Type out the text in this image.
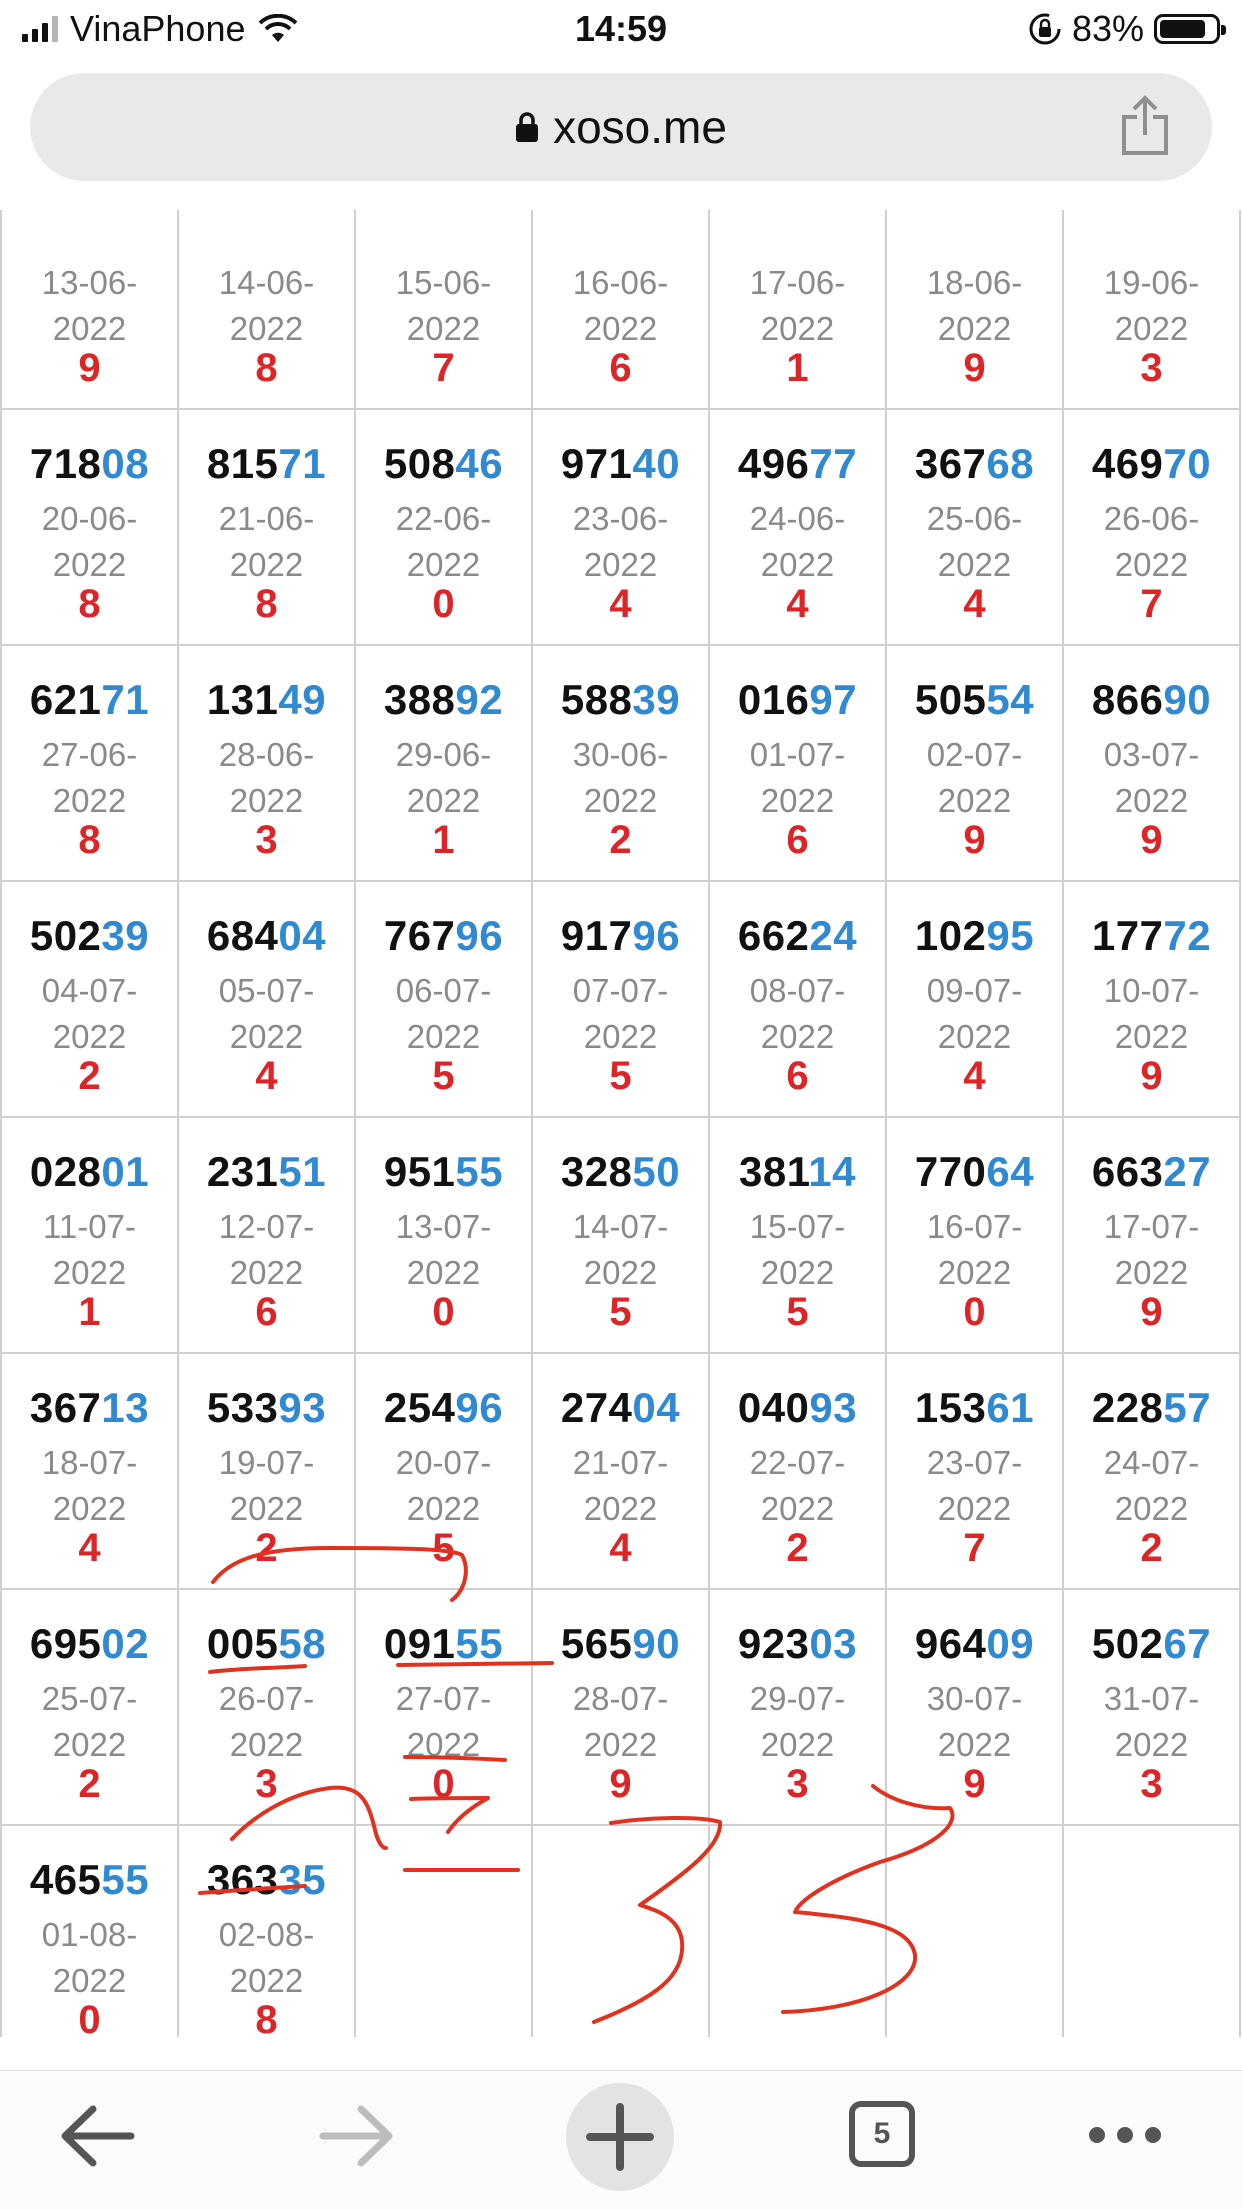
VinaPhone	14:59	83%
xoso.me
13-06-
2022
9
14-06-
2022
8
15-06-
2022
7
16-06-
2022
6
17-06-
2022
1
18-06-
2022
9
19-06-
2022
3
71808
20-06-
2022
8
81571
21-06-
2022
8
50846
22-06-
2022
0
97140
23-06-
2022
4
49677
24-06-
2022
4
36768
25-06-
2022
4
46970
26-06-
2022
7
62171
27-06-
2022
8
13149
28-06-
2022
3
38892
29-06-
2022
1
58839
30-06-
2022
2
01697
01-07-
2022
6
50554
02-07-
2022
9
86690
03-07-
2022
9
50239
04-07-
2022
2
68404
05-07-
2022
4
76796
06-07-
2022
5
91796
07-07-
2022
5
66224
08-07-
2022
6
10295
09-07-
2022
4
17772
10-07-
2022
9
02801
11-07-
2022
1
23151
12-07-
2022
6
95155
13-07-
2022
0
32850
14-07-
2022
5
38114
15-07-
2022
5
77064
16-07-
2022
0
66327
17-07-
2022
9
36713
18-07-
2022
4
53393
19-07-
2022
2
25496
20-07-
2022
5
27404
21-07-
2022
4
04093
22-07-
2022
2
15361
23-07-
2022
7
22857
24-07-
2022
2
69502
25-07-
2022
2
00558
26-07-
2022
3
09155
27-07-
2022
0
56590
28-07-
2022
9
92303
29-07-
2022
3
96409
30-07-
2022
9
50267
31-07-
2022
3
46555
01-08-
2022
0
36335
02-08-
2022
8
5
